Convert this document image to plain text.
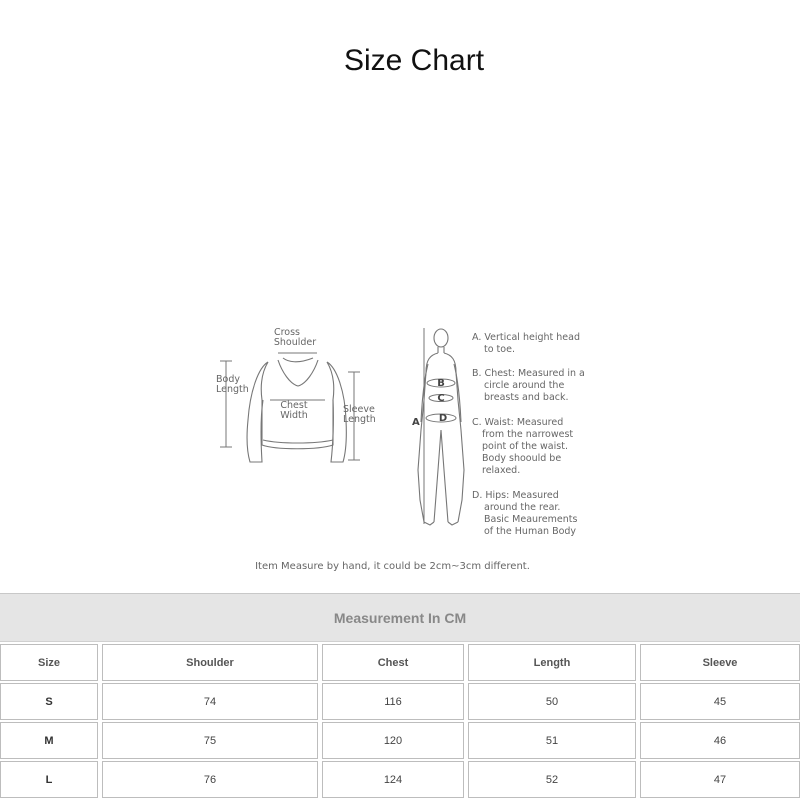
Size Chart
Cross
Shoulder
Body
Length
Chest
Width
Sleeve
Length	A
B
C
D
A. Vertical height head
to toe.
B. Chest: Measured in a
circle around the
breasts and back.
C. Waist: Measured
from the narrowest
point of the waist.
Body shoould be
relaxed.
D. Hips: Measured
around the rear.
Basic Meaurements
of the Human Body
Item Measure by hand, it could be 2cm~3cm different.
Measurement In CM
Size	Shoulder	Chest	Length	Sleeve
S	74	116	50	45
M	75	120	51	46
L	76	124	52	47
